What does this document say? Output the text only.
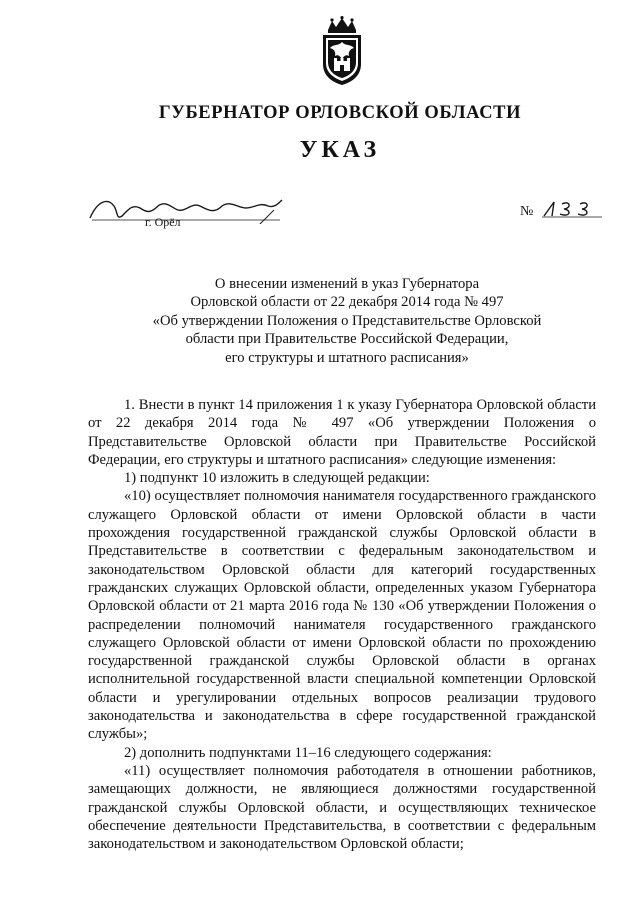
ГУБЕРНАТОР ОРЛОВСКОЙ ОБЛАСТИ
УКАЗ
г. Орёл
№
О внесении изменений в указ Губернатора
Орловской области от 22 декабря 2014 года № 497
«Об утверждении Положения о Представительстве Орловской
области при Правительстве Российской Федерации,
его структуры и штатного расписания»

1. Внести в пункт 14 приложения 1 к указу Губернатора Орловской области от 22 декабря 2014 года № 497 «Об утверждении Положения о Представительстве Орловской области при Правительстве Российской Федерации, его структуры и штатного расписания» следующие изменения:

1) подпункт 10 изложить в следующей редакции:

«10) осуществляет полномочия нанимателя государственного гражданского служащего Орловской области от имени Орловской области в части прохождения государственной гражданской службы Орловской области в Представительстве в соответствии с федеральным законодательством и законодательством Орловской области для категорий государственных гражданских служащих Орловской области, определенных указом Губернатора Орловской области от 21 марта 2016 года № 130 «Об утверждении Положения о распределении полномочий нанимателя государственного гражданского служащего Орловской области от имени Орловской области по прохождению государственной гражданской службы Орловской области в органах исполнительной государственной власти специальной компетенции Орловской области и урегулировании отдельных вопросов реализации трудового законодательства и законодательства в сфере государственной гражданской службы»;

2) дополнить подпунктами 11–16 следующего содержания:

«11) осуществляет полномочия работодателя в отношении работников, замещающих должности, не являющиеся должностями государственной гражданской службы Орловской области, и осуществляющих техническое обеспечение деятельности Представительства, в соответствии с федеральным законодательством и законодательством Орловской области;
